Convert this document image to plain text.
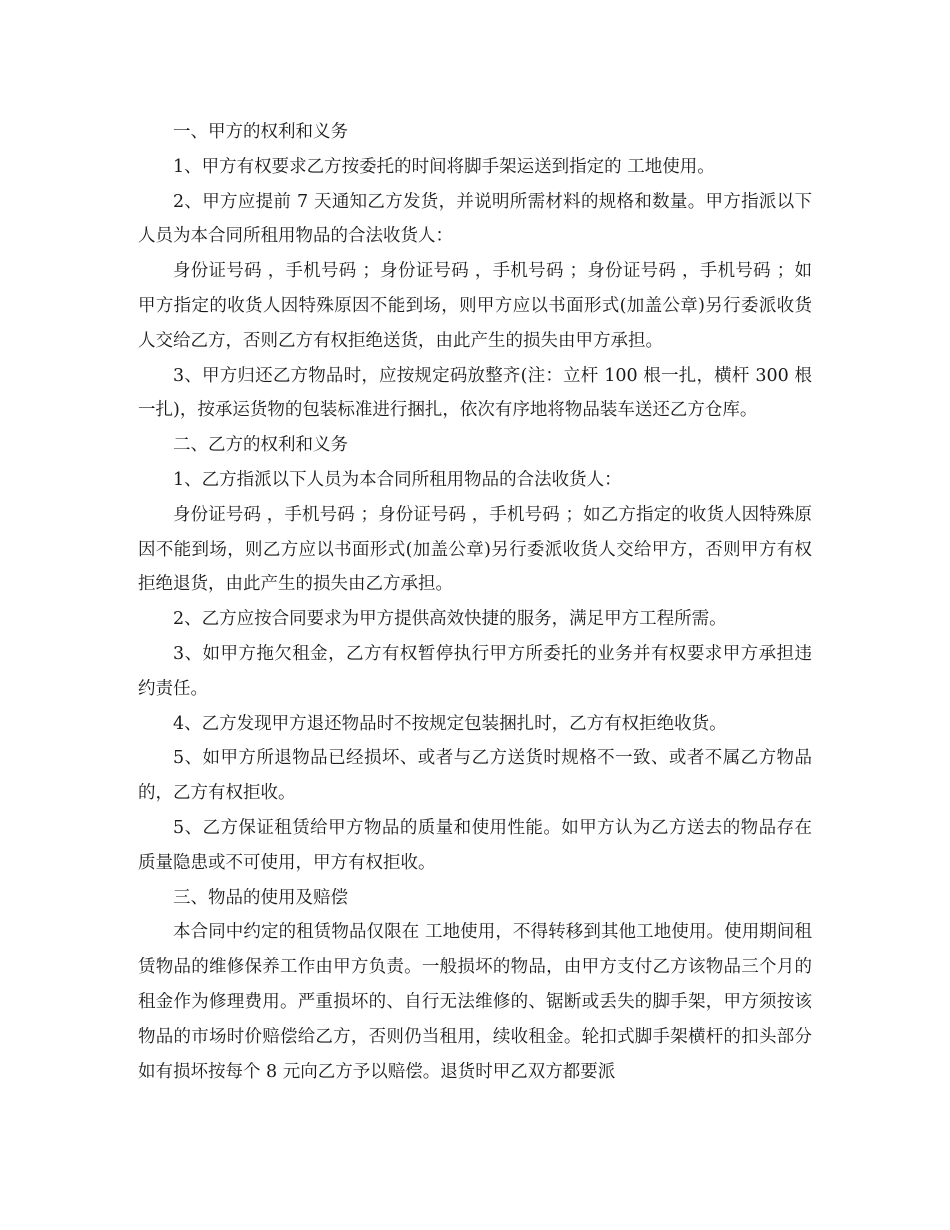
一、甲方的权利和义务

1、甲方有权要求乙方按委托的时间将脚手架运送到指定的 工地使用。

2、甲方应提前 7 天通知乙方发货，并说明所需材料的规格和数量。甲方指派以下人员为本合同所租用物品的合法收货人：

身份证号码 ，手机号码 ；身份证号码 ，手机号码 ；身份证号码 ，手机号码 ；如甲方指定的收货人因特殊原因不能到场，则甲方应以书面形式(加盖公章)另行委派收货人交给乙方，否则乙方有权拒绝送货，由此产生的损失由甲方承担。

3、甲方归还乙方物品时，应按规定码放整齐(注：立杆 100 根一扎，横杆 300 根一扎)，按承运货物的包装标准进行捆扎，依次有序地将物品装车送还乙方仓库。

二、乙方的权利和义务

1、乙方指派以下人员为本合同所租用物品的合法收货人：

身份证号码 ，手机号码 ；身份证号码 ，手机号码 ；如乙方指定的收货人因特殊原因不能到场，则乙方应以书面形式(加盖公章)另行委派收货人交给甲方，否则甲方有权拒绝退货，由此产生的损失由乙方承担。

2、乙方应按合同要求为甲方提供高效快捷的服务，满足甲方工程所需。

3、如甲方拖欠租金，乙方有权暂停执行甲方所委托的业务并有权要求甲方承担违约责任。

4、乙方发现甲方退还物品时不按规定包装捆扎时，乙方有权拒绝收货。

5、如甲方所退物品已经损坏、或者与乙方送货时规格不一致、或者不属乙方物品的，乙方有权拒收。

5、乙方保证租赁给甲方物品的质量和使用性能。如甲方认为乙方送去的物品存在质量隐患或不可使用，甲方有权拒收。

三、物品的使用及赔偿

本合同中约定的租赁物品仅限在 工地使用，不得转移到其他工地使用。使用期间租赁物品的维修保养工作由甲方负责。一般损坏的物品，由甲方支付乙方该物品三个月的租金作为修理费用。严重损坏的、自行无法维修的、锯断或丢失的脚手架，甲方须按该物品的市场时价赔偿给乙方，否则仍当租用，续收租金。轮扣式脚手架横杆的扣头部分如有损坏按每个 8 元向乙方予以赔偿。退货时甲乙双方都要派
